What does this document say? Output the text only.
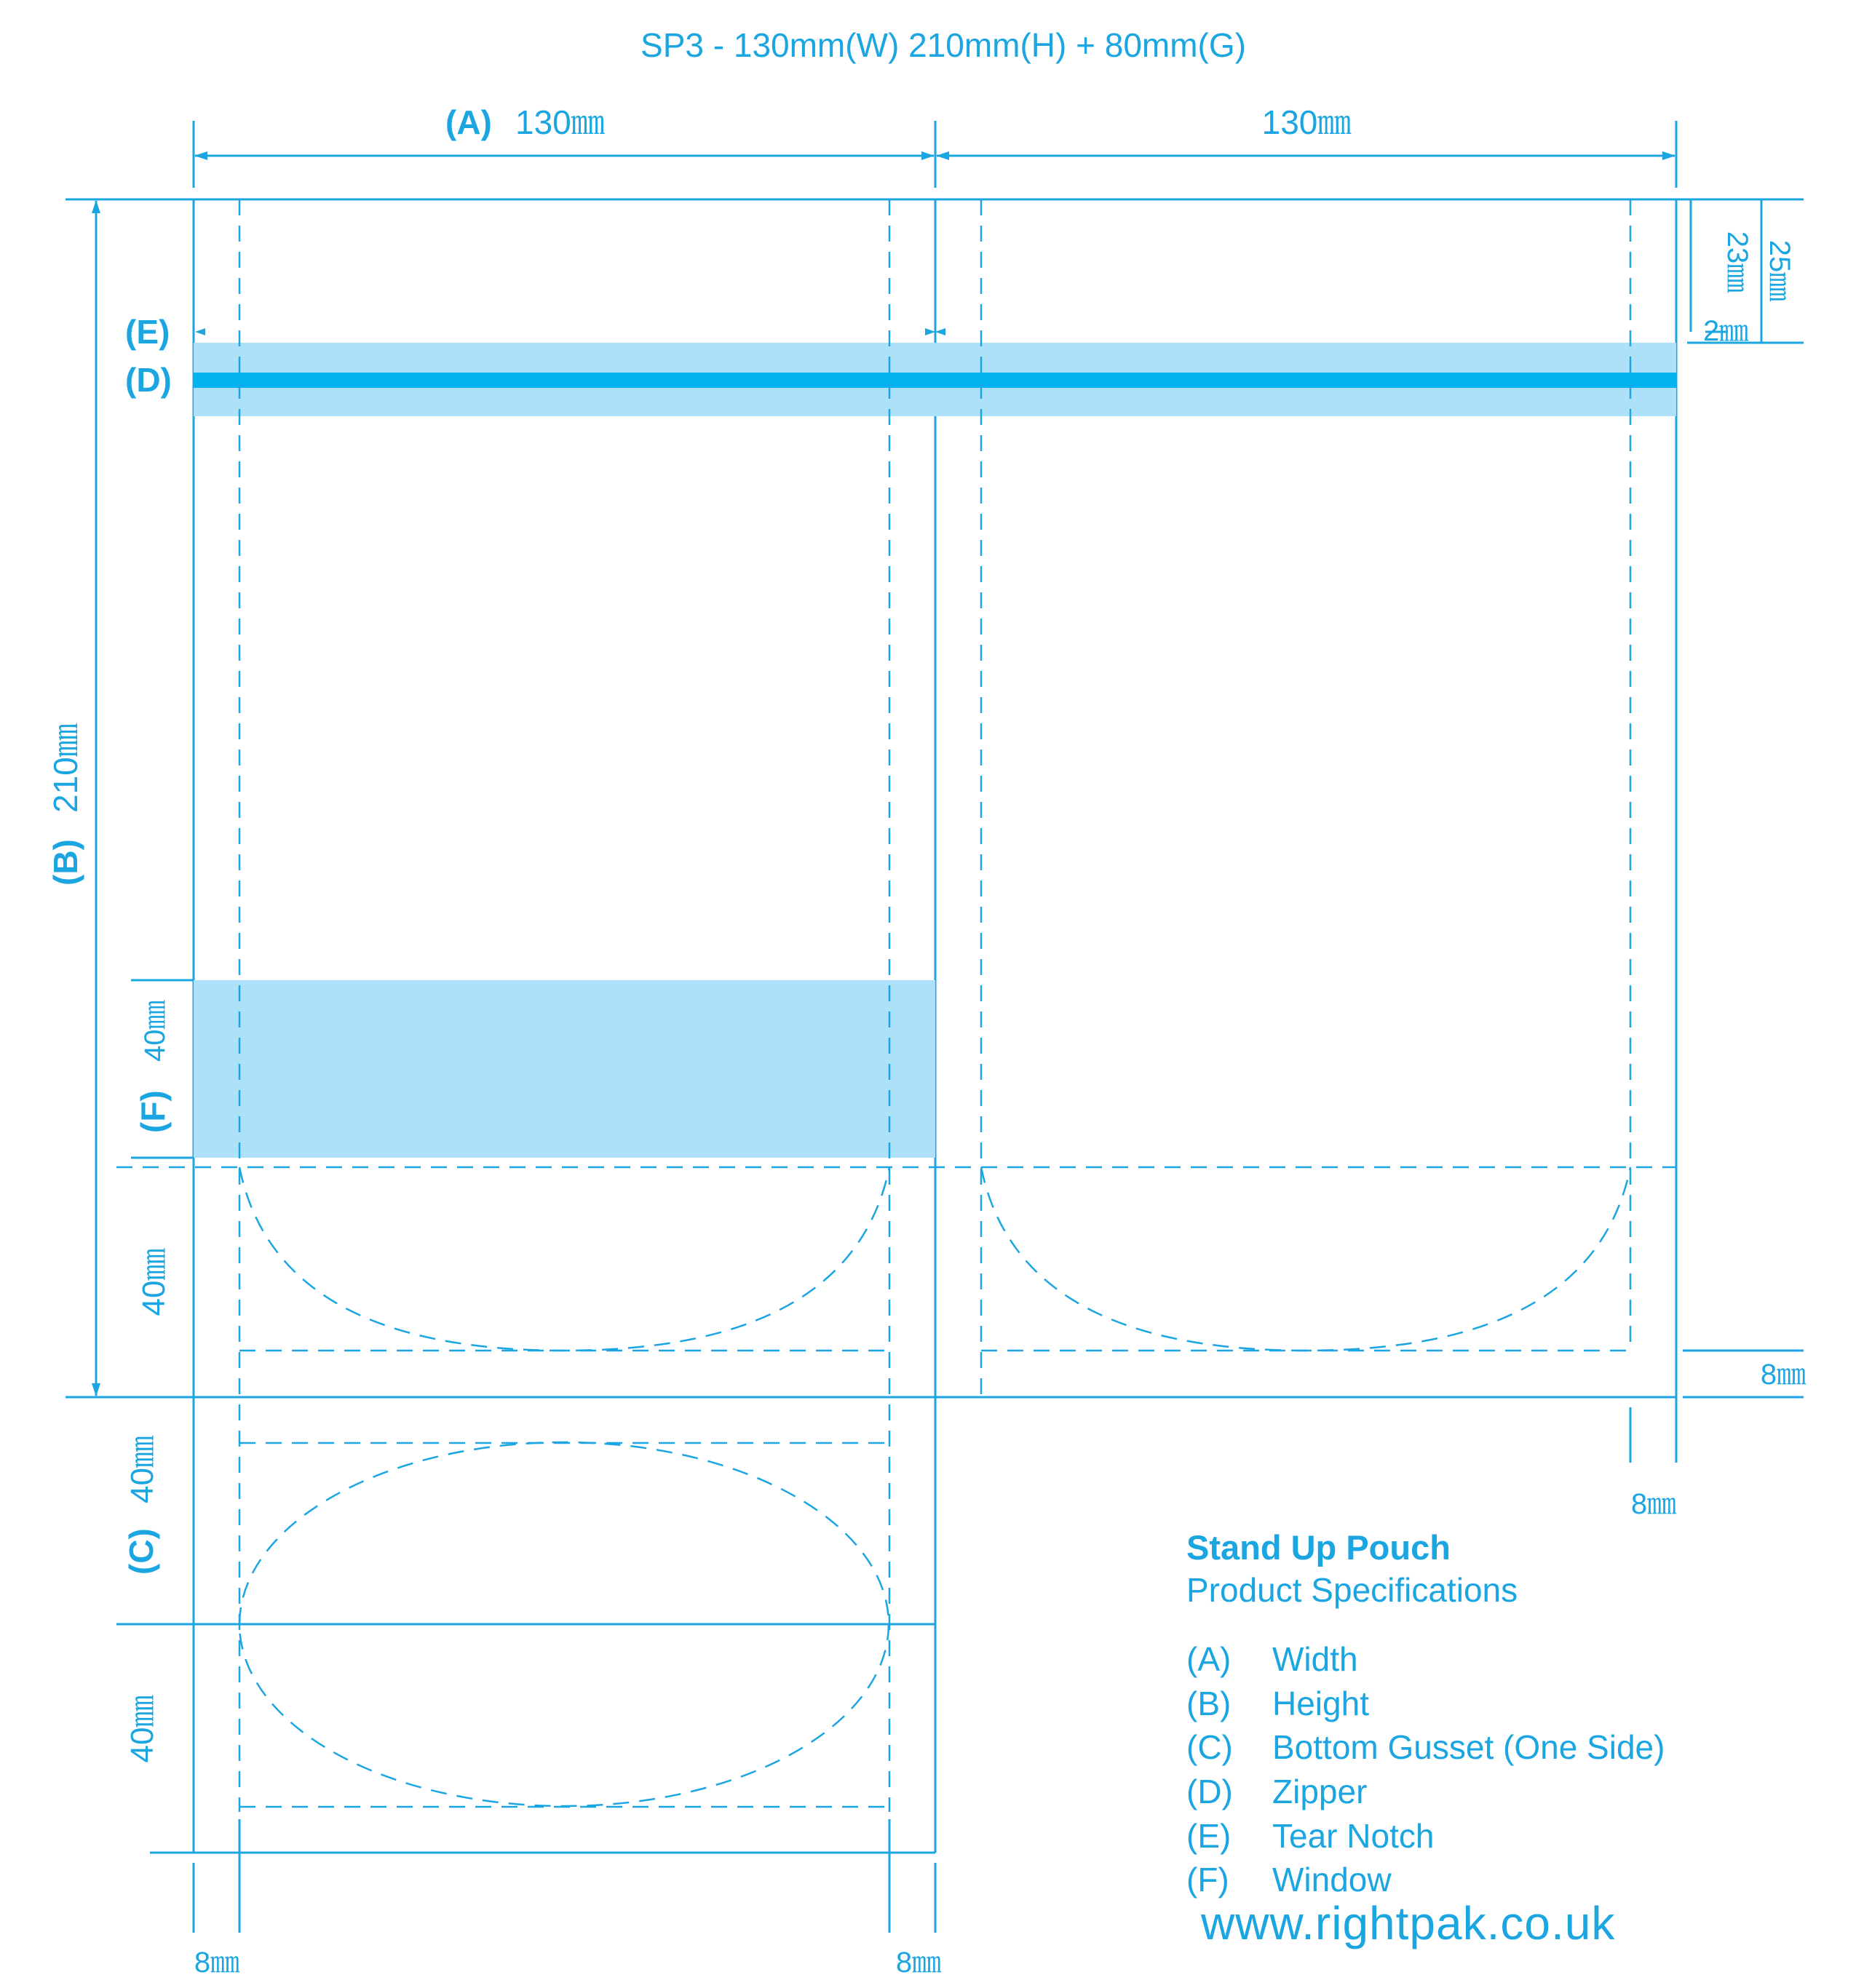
SP3 - 130mm(W) 210mm(H) + 80mm(G)
(A) 130㎜	130㎜
(B)
210㎜
(E)
(D)
(F)
40㎜
40㎜
(C)
40㎜
40㎜
23㎜ 25㎜
2㎜
8㎜
8㎜
8㎜	8㎜
Stand Up Pouch
Product Specifications
(A)	Width
(B)	Height
(C)	Bottom Gusset (One Side)
(D)	Zipper
(E)	Tear Notch
(F)	Window
www.rightpak.co.uk
